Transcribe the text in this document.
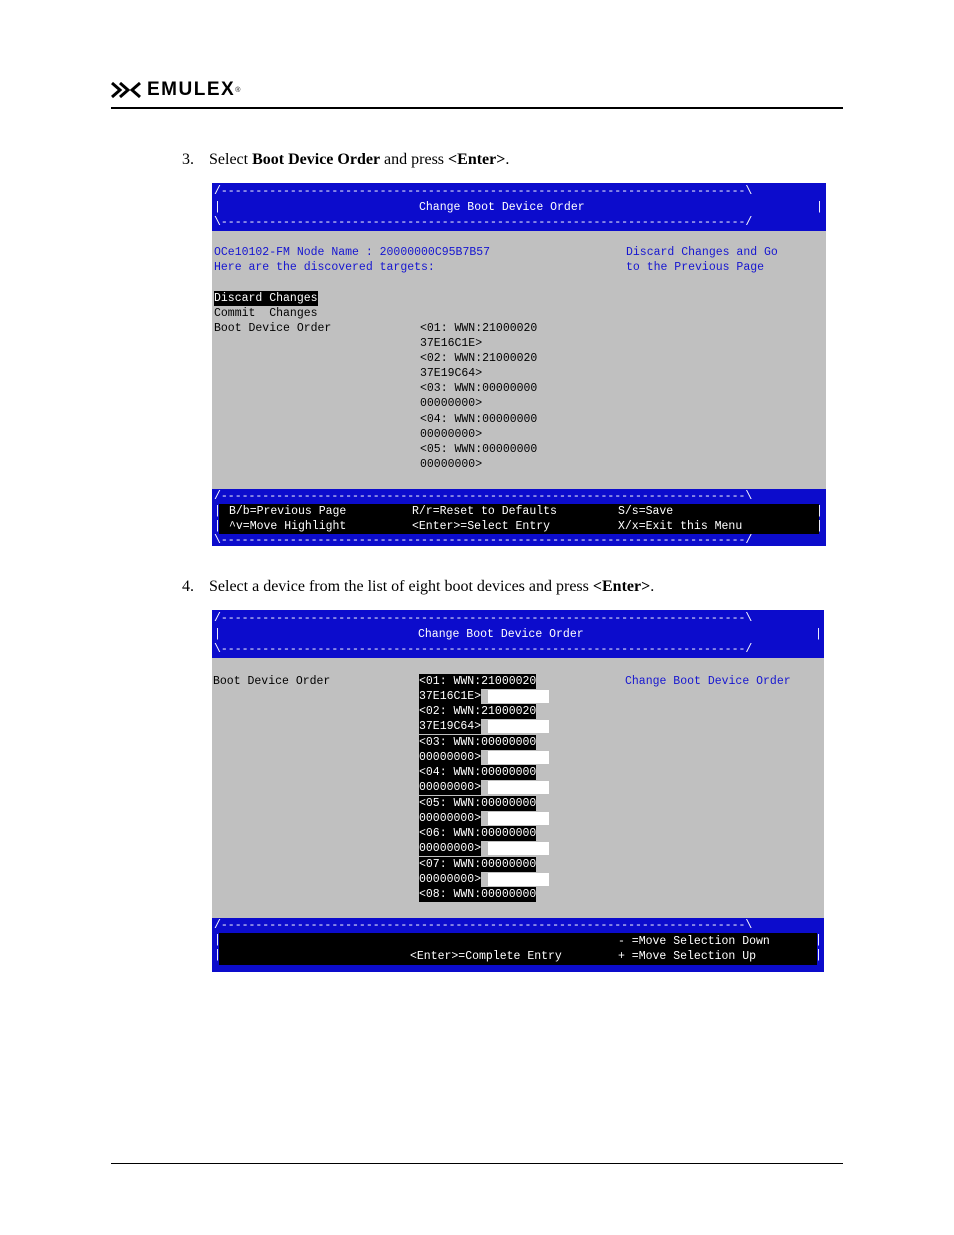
EMULEX ®
3. Select Boot Device Order and press <Enter>.
/----------------------------------------------------------------------------\
|	Change Boot Device Order	|
\----------------------------------------------------------------------------/
OCe10102-FM Node Name : 20000000C95B7B57
Here are the discovered targets:
Discard Changes and Go
to the Previous Page
Discard Changes
Commit  Changes
Boot Device Order	<01: WWN:21000020
37E16C1E>
<02: WWN:21000020
37E19C64>
<03: WWN:00000000
00000000>
<04: WWN:00000000
00000000>
<05: WWN:00000000
00000000>
/----------------------------------------------------------------------------\
B/b=Previous Page	R/r=Reset to Defaults	S/s=Save
^v=Move Highlight	<Enter>=Select Entry	X/x=Exit this Menu
|
|
|
|
\----------------------------------------------------------------------------/
4. Select a device from the list of eight boot devices and press <Enter>.
/----------------------------------------------------------------------------\
|	Change Boot Device Order	|
\----------------------------------------------------------------------------/
Boot Device Order	Change Boot Device Order
<01: WWN:21000020
37E16C1E>
<02: WWN:21000020
37E19C64>
<03: WWN:00000000
00000000>
<04: WWN:00000000
00000000>
<05: WWN:00000000
00000000>
<06: WWN:00000000
00000000>
<07: WWN:00000000
00000000>
<08: WWN:00000000
/----------------------------------------------------------------------------\
- =Move Selection Down
<Enter>=Complete Entry	+ =Move Selection Up
|
|
|
|
